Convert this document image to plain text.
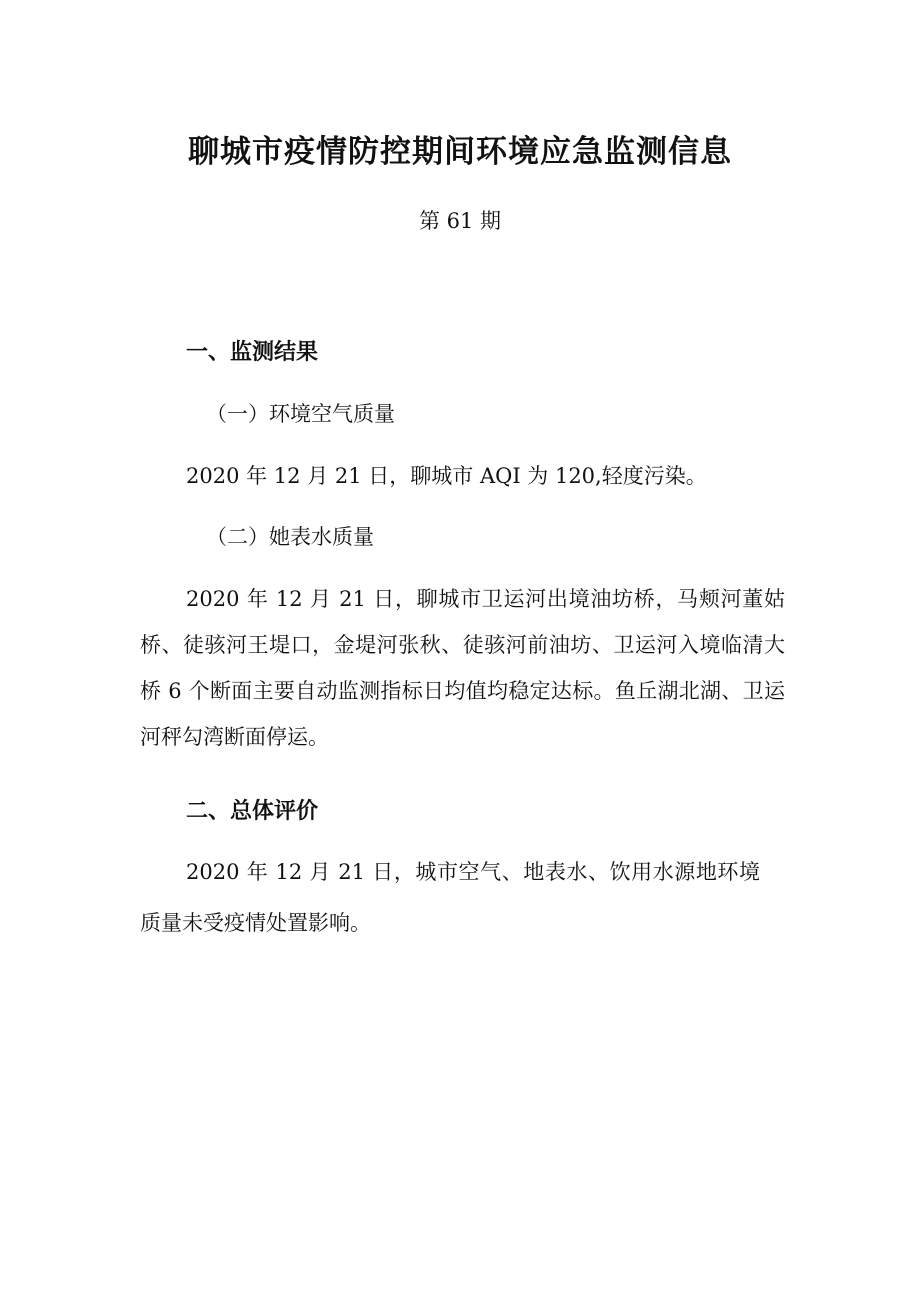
聊城市疫情防控期间环境应急监测信息
第 61 期
一、监测结果
（一）环境空气质量

2020 年 12 月 21 日，聊城市 AQI 为 120,轻度污染。

（二）她表水质量

2020 年 12 月 21 日，聊城市卫运河出境油坊桥，马颊河董姑桥、徒骇河王堤口，金堤河张秋、徒骇河前油坊、卫运河入境临清大桥 6 个断面主要自动监测指标日均值均稳定达标。鱼丘湖北湖、卫运河秤勾湾断面停运。

二、总体评价

2020 年 12 月 21 日，城市空气、地表水、饮用水源地环境质量未受疫情处置影响。
